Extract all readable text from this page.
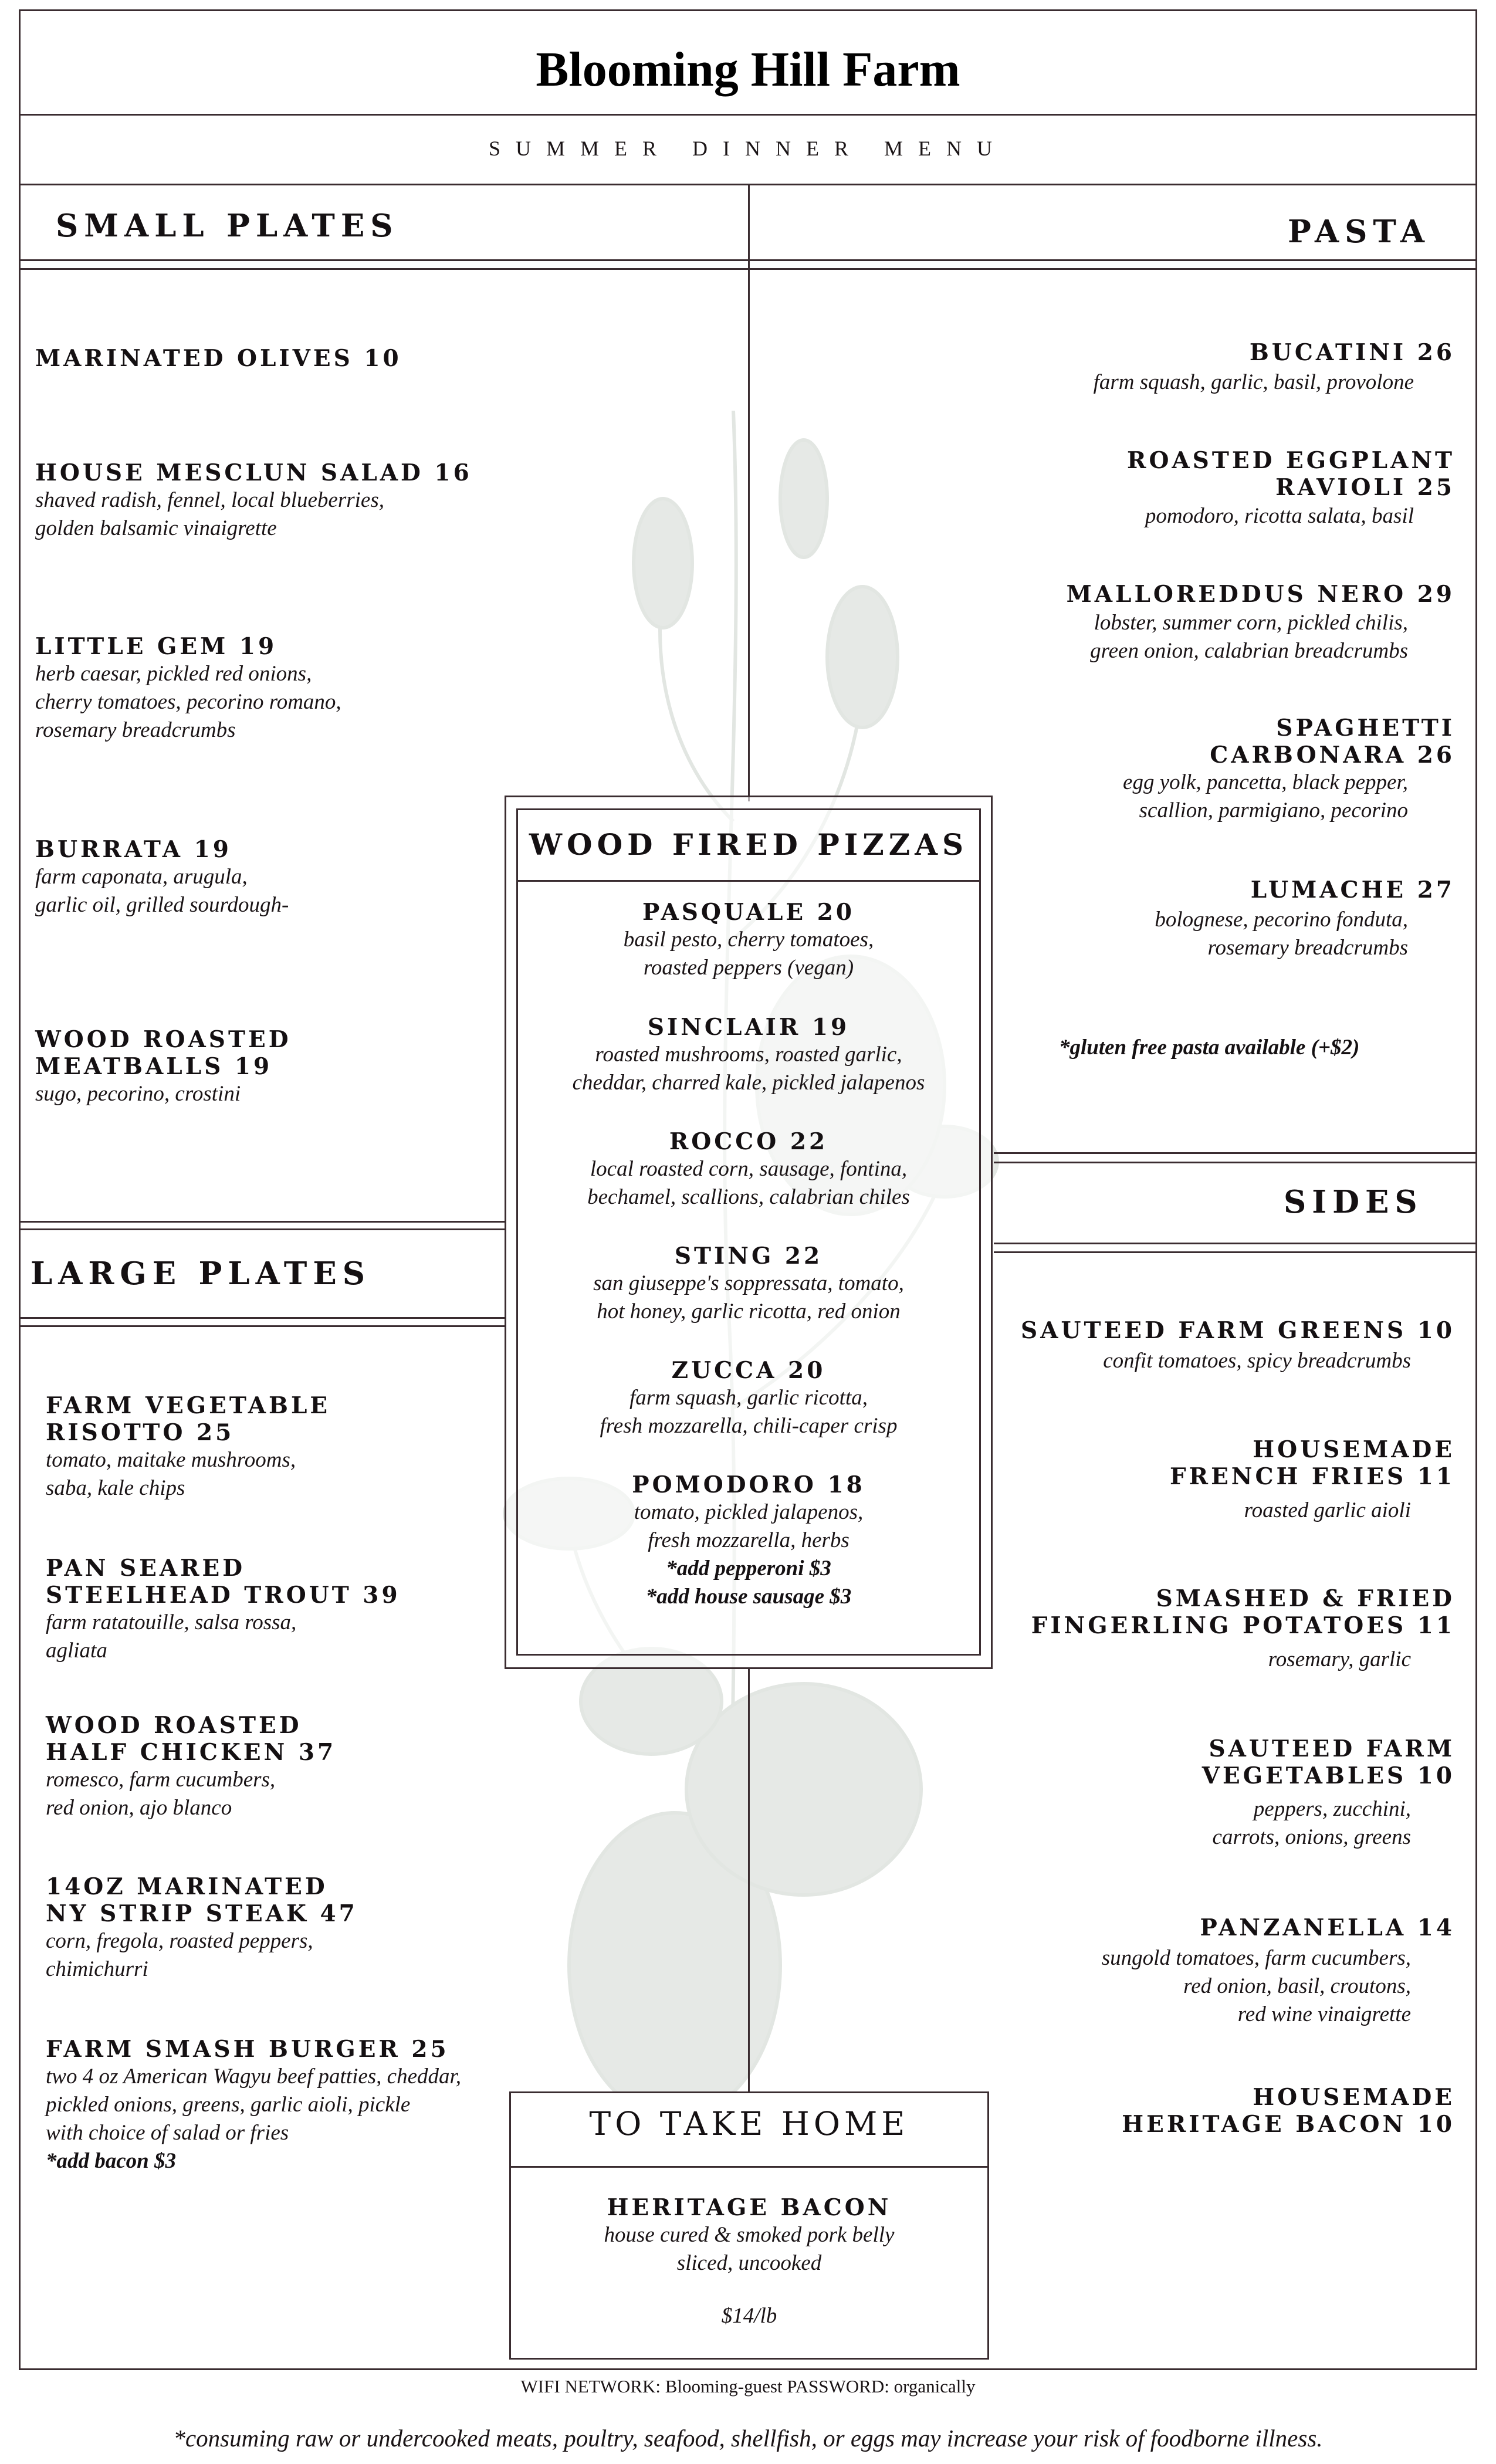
Blooming Hill Farm
SUMMER DINNER MENU
SMALL PLATES
MARINATED OLIVES 10
HOUSE MESCLUN SALAD 16
shaved radish, fennel, local blueberries,
golden balsamic vinaigrette
LITTLE GEM 19
herb caesar, pickled red onions,
cherry tomatoes, pecorino romano,
rosemary breadcrumbs
BURRATA 19
farm caponata, arugula,
garlic oil, grilled sourdough-
WOOD ROASTED
MEATBALLS 19
sugo, pecorino, crostini
LARGE PLATES
FARM VEGETABLE
RISOTTO 25
tomato, maitake mushrooms,
saba, kale chips
PAN SEARED
STEELHEAD TROUT 39
farm ratatouille, salsa rossa,
agliata
WOOD ROASTED
HALF CHICKEN 37
romesco, farm cucumbers,
red onion, ajo blanco
14OZ MARINATED
NY STRIP STEAK 47
corn, fregola, roasted peppers,
chimichurri
FARM SMASH BURGER 25
two 4 oz American Wagyu beef patties, cheddar,
pickled onions, greens, garlic aioli, pickle
with choice of salad or fries
*add bacon $3
PASTA
BUCATINI 26
farm squash, garlic, basil, provolone
ROASTED EGGPLANT
RAVIOLI 25
pomodoro, ricotta salata, basil
MALLOREDDUS NERO 29
lobster, summer corn, pickled chilis,
green onion, calabrian breadcrumbs
SPAGHETTI
CARBONARA 26
egg yolk, pancetta, black pepper,
scallion, parmigiano, pecorino
LUMACHE 27
bolognese, pecorino fonduta,
rosemary breadcrumbs
*gluten free pasta available (+$2)
SIDES
SAUTEED FARM GREENS 10
confit tomatoes, spicy breadcrumbs
HOUSEMADE
FRENCH FRIES 11
roasted garlic aioli
SMASHED & FRIED
FINGERLING POTATOES 11
rosemary, garlic
SAUTEED FARM
VEGETABLES 10
peppers, zucchini,
carrots, onions, greens
PANZANELLA 14
sungold tomatoes, farm cucumbers,
red onion, basil, croutons,
red wine vinaigrette
HOUSEMADE
HERITAGE BACON 10
WOOD FIRED PIZZAS
PASQUALE 20
basil pesto, cherry tomatoes,
roasted peppers (vegan)
SINCLAIR 19
roasted mushrooms, roasted garlic,
cheddar, charred kale, pickled jalapenos
ROCCO 22
local roasted corn, sausage, fontina,
bechamel, scallions, calabrian chiles
STING 22
san giuseppe's soppressata, tomato,
hot honey, garlic ricotta, red onion
ZUCCA 20
farm squash, garlic ricotta,
fresh mozzarella, chili-caper crisp
POMODORO 18
tomato, pickled jalapenos,
fresh mozzarella, herbs
*add pepperoni $3
*add house sausage $3
TO TAKE HOME
HERITAGE BACON
house cured & smoked pork belly
sliced, uncooked
$14/lb
WIFI NETWORK: Blooming-guest PASSWORD: organically
*consuming raw or undercooked meats, poultry, seafood, shellfish, or eggs may increase your risk of foodborne illness.
